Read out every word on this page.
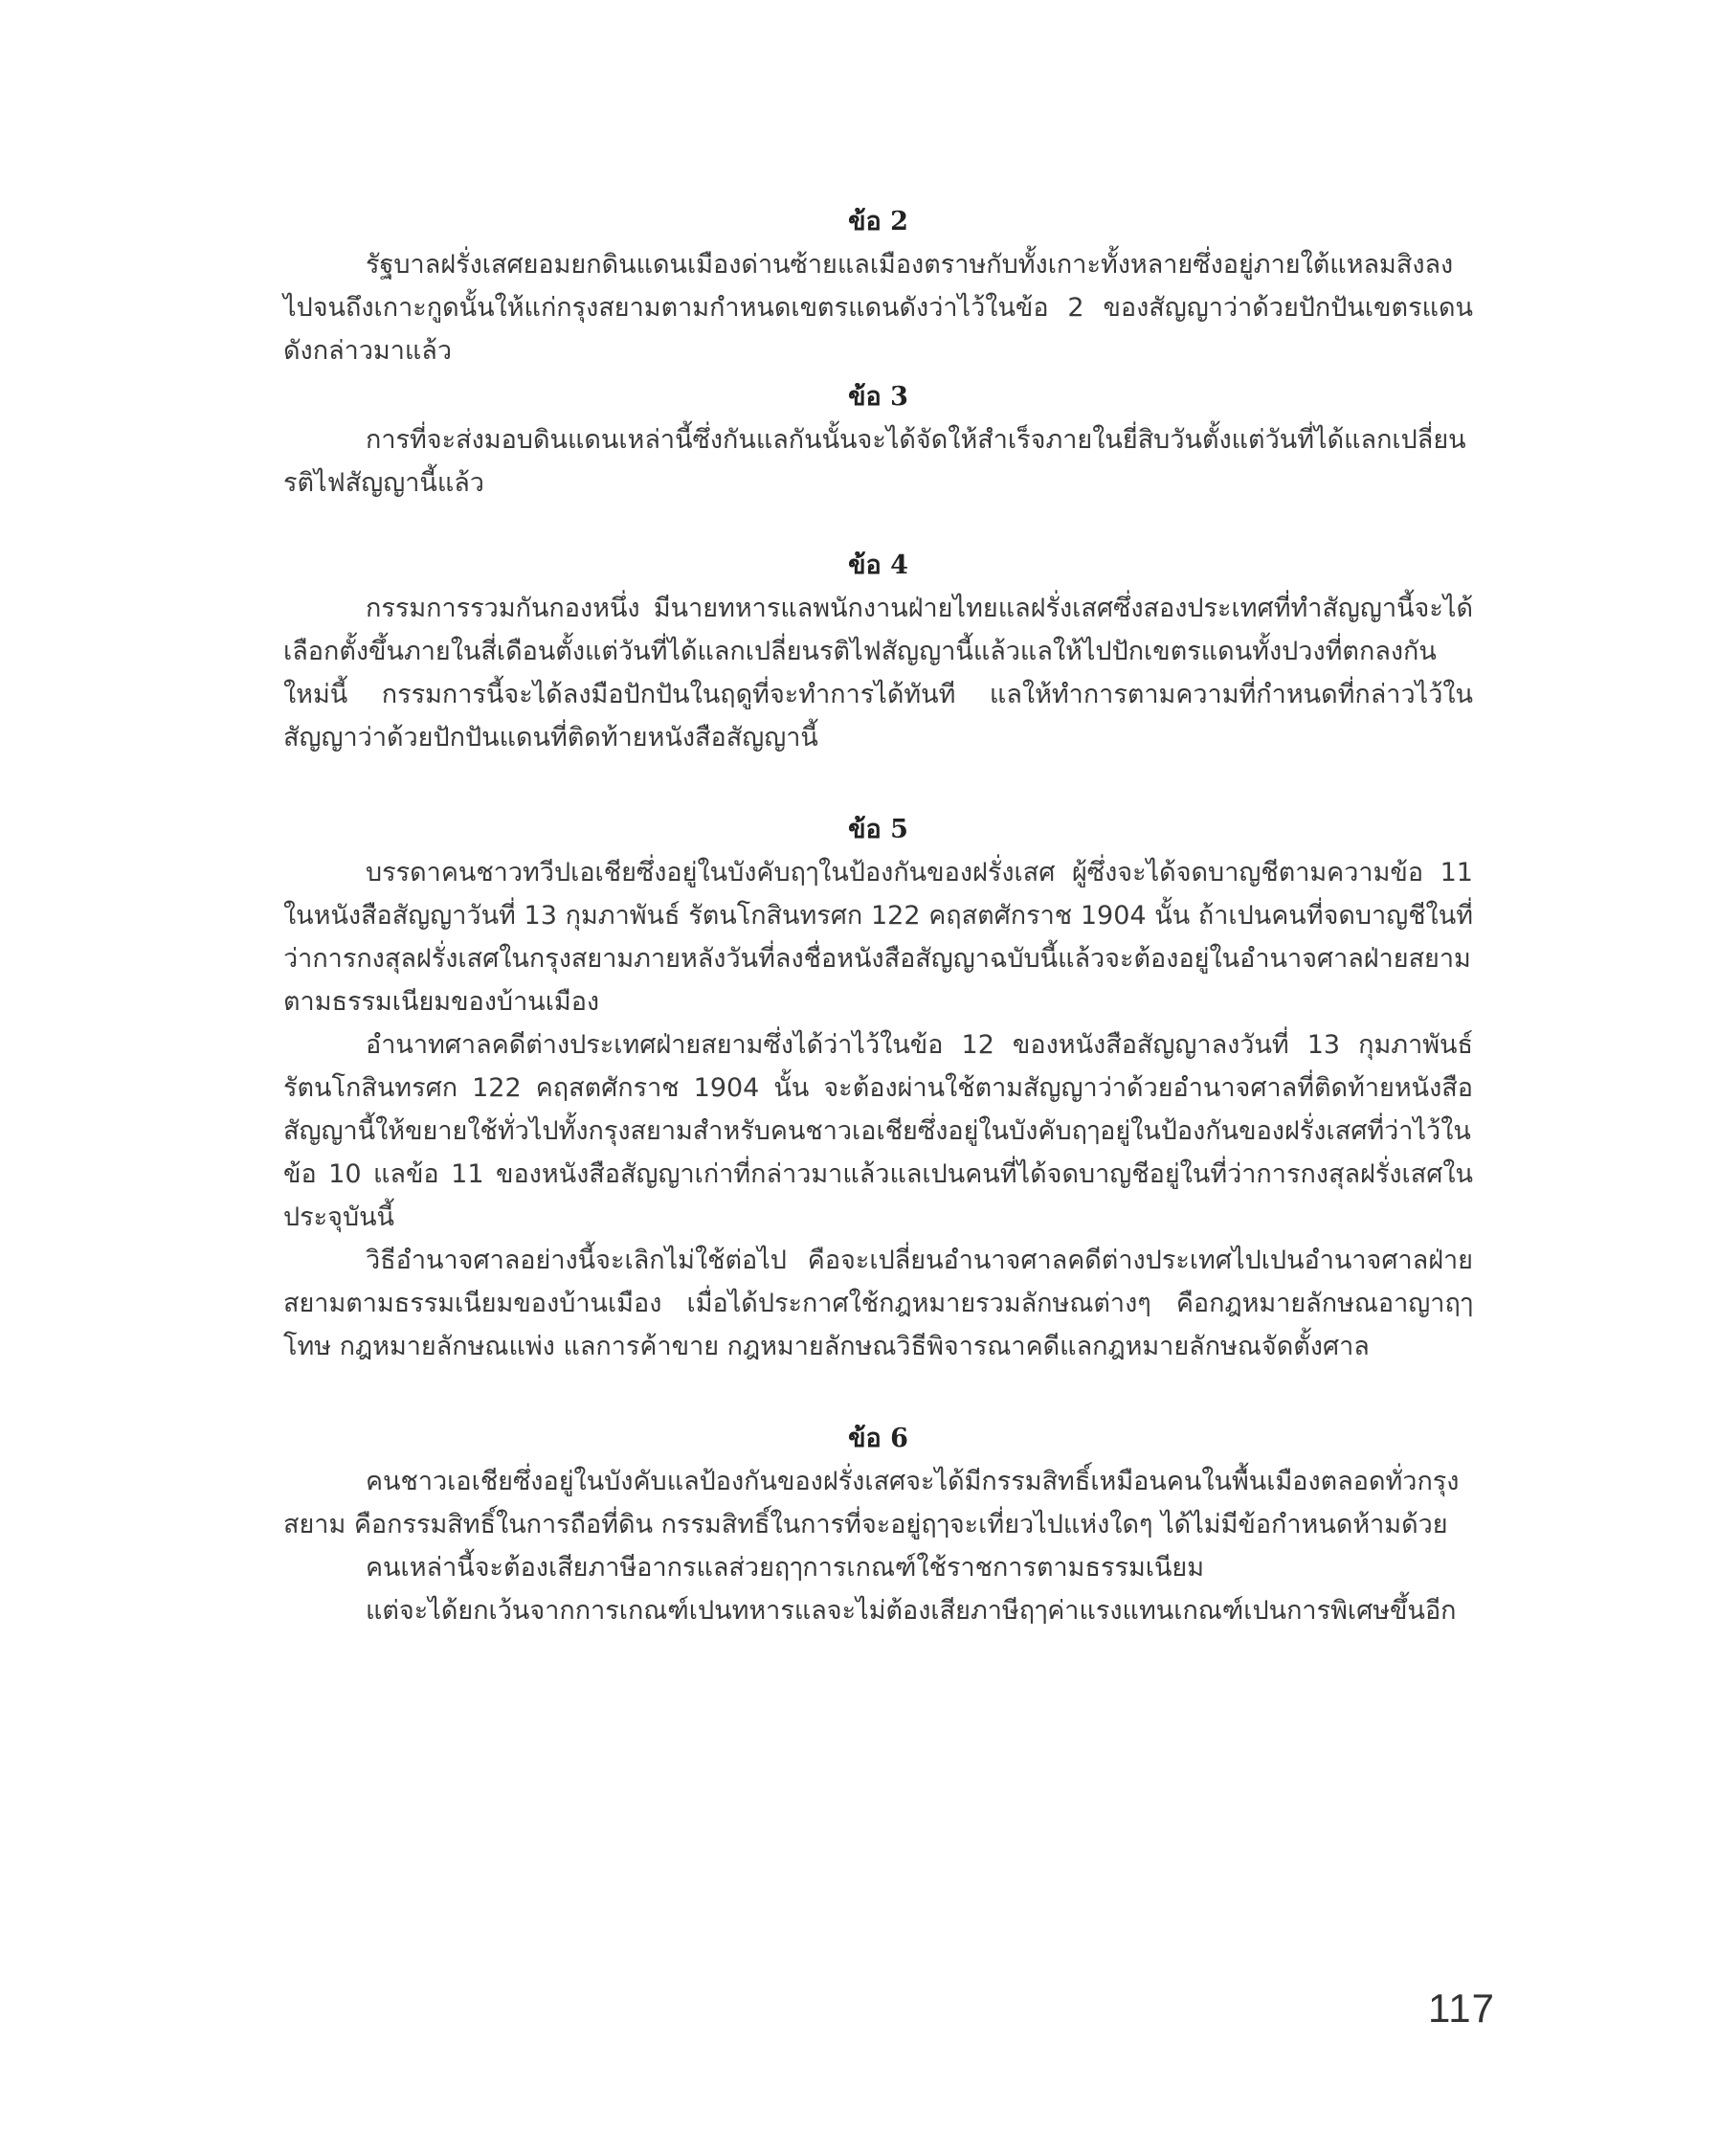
ข้อ 2

รัฐบาลฝรั่งเสศยอมยกดินแดนเมืองด่านซ้ายแลเมืองตราษกับทั้งเกาะทั้งหลายซึ่งอยู่ภายใต้แหลมสิงลงไปจนถึงเกาะกูดนั้นให้แก่กรุงสยามตามกำหนดเขตรแดนดังว่าไว้ในข้อ 2 ของสัญญาว่าด้วยปักปันเขตรแดนดังกล่าวมาแล้ว

ข้อ 3

การที่จะส่งมอบดินแดนเหล่านี้ซึ่งกันแลกันนั้นจะได้จัดให้สำเร็จภายในยี่สิบวันตั้งแต่วันที่ได้แลกเปลี่ยนรติไฟสัญญานี้แล้ว

ข้อ 4

กรรมการรวมกันกองหนึ่ง มีนายทหารแลพนักงานฝ่ายไทยแลฝรั่งเสศซึ่งสองประเทศที่ทำสัญญานี้จะได้เลือกตั้งขึ้นภายในสี่เดือนตั้งแต่วันที่ได้แลกเปลี่ยนรติไฟสัญญานี้แล้วแลให้ไปปักเขตรแดนทั้งปวงที่ตกลงกันใหม่นี้ กรรมการนี้จะได้ลงมือปักปันในฤดูที่จะทำการได้ทันที แลให้ทำการตามความที่กำหนดที่กล่าวไว้ในสัญญาว่าด้วยปักปันแดนที่ติดท้ายหนังสือสัญญานี้

ข้อ 5

บรรดาคนชาวทวีปเอเชียซึ่งอยู่ในบังคับฤๅในป้องกันของฝรั่งเสศ ผู้ซึ่งจะได้จดบาญชีตามความข้อ 11 ในหนังสือสัญญาวันที่ 13 กุมภาพันธ์ รัตนโกสินทรศก 122 คฤสตศักราช 1904 นั้น ถ้าเปนคนที่จดบาญชีในที่ว่าการกงสุลฝรั่งเสศในกรุงสยามภายหลังวันที่ลงชื่อหนังสือสัญญาฉบับนี้แล้วจะต้องอยู่ในอำนาจศาลฝ่ายสยามตามธรรมเนียมของบ้านเมือง

อำนาทศาลคดีต่างประเทศฝ่ายสยามซึ่งได้ว่าไว้ในข้อ 12 ของหนังสือสัญญาลงวันที่ 13 กุมภาพันธ์ รัตนโกสินทรศก 122 คฤสตศักราช 1904 นั้น จะต้องผ่านใช้ตามสัญญาว่าด้วยอำนาจศาลที่ติดท้ายหนังสือสัญญานี้ให้ขยายใช้ทั่วไปทั้งกรุงสยามสำหรับคนชาวเอเชียซึ่งอยู่ในบังคับฤๅอยู่ในป้องกันของฝรั่งเสศที่ว่าไว้ในข้อ 10 แลข้อ 11 ของหนังสือสัญญาเก่าที่กล่าวมาแล้วแลเปนคนที่ได้จดบาญชีอยู่ในที่ว่าการกงสุลฝรั่งเสศในประจุบันนี้

วิธีอำนาจศาลอย่างนี้จะเลิกไม่ใช้ต่อไป คือจะเปลี่ยนอำนาจศาลคดีต่างประเทศไปเปนอำนาจศาลฝ่ายสยามตามธรรมเนียมของบ้านเมือง เมื่อได้ประกาศใช้กฎหมายรวมลักษณต่างๆ คือกฎหมายลักษณอาญาฤๅโทษ กฎหมายลักษณแพ่ง แลการค้าขาย กฎหมายลักษณวิธีพิจารณาคดีแลกฎหมายลักษณจัดตั้งศาล

ข้อ 6

คนชาวเอเชียซึ่งอยู่ในบังคับแลป้องกันของฝรั่งเสศจะได้มีกรรมสิทธิ์เหมือนคนในพื้นเมืองตลอดทั่วกรุงสยาม คือกรรมสิทธิ์ในการถือที่ดิน กรรมสิทธิ์ในการที่จะอยู่ฤๅจะเที่ยวไปแห่งใดๆ ได้ไม่มีข้อกำหนดห้ามด้วย

คนเหล่านี้จะต้องเสียภาษีอากรแลส่วยฤๅการเกณฑ์ใช้ราชการตามธรรมเนียม

แต่จะได้ยกเว้นจากการเกณฑ์เปนทหารแลจะไม่ต้องเสียภาษีฤๅค่าแรงแทนเกณฑ์เปนการพิเศษขึ้นอีก

117
